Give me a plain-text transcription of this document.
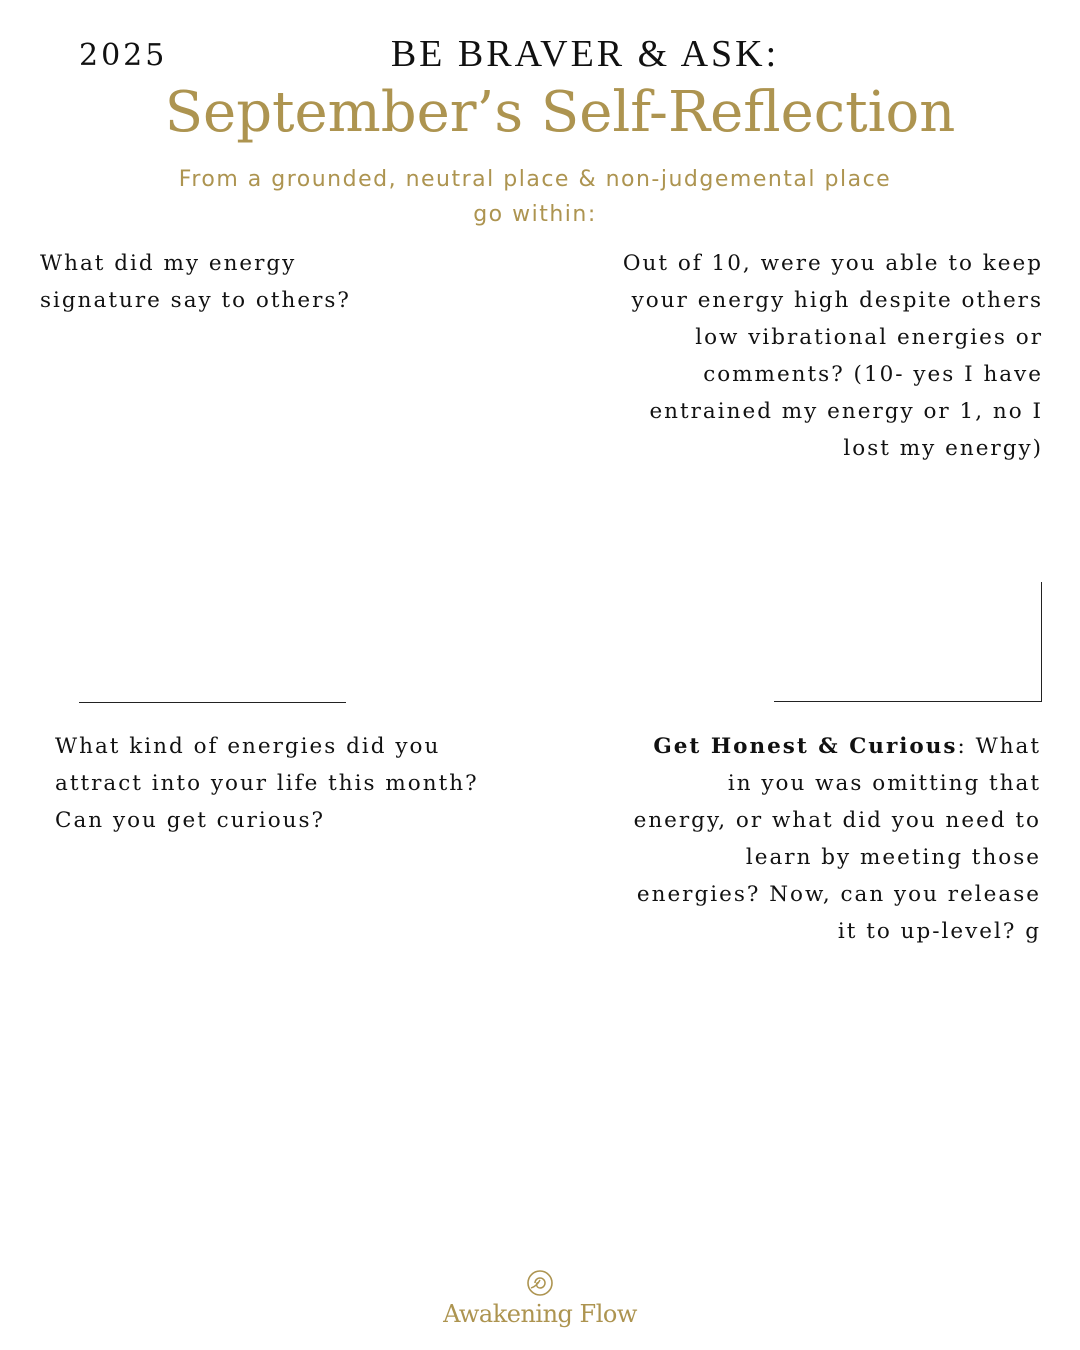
2025	BE BRAVER & ASK:
September’s Self-Reflection
From a grounded, neutral place & non-judgemental place
go within:
What did my energy signature say to others?
Out of 10, were you able to keep your energy high despite others low vibrational energies or comments? (10- yes I have entrained my energy or 1, no I lost my energy)
What kind of energies did you attract into your life this month? Can you get curious?
Get Honest & Curious: What in you was omitting that energy, or what did you need to learn by meeting those energies? Now, can you release it to up-level? g
Awakening Flow
